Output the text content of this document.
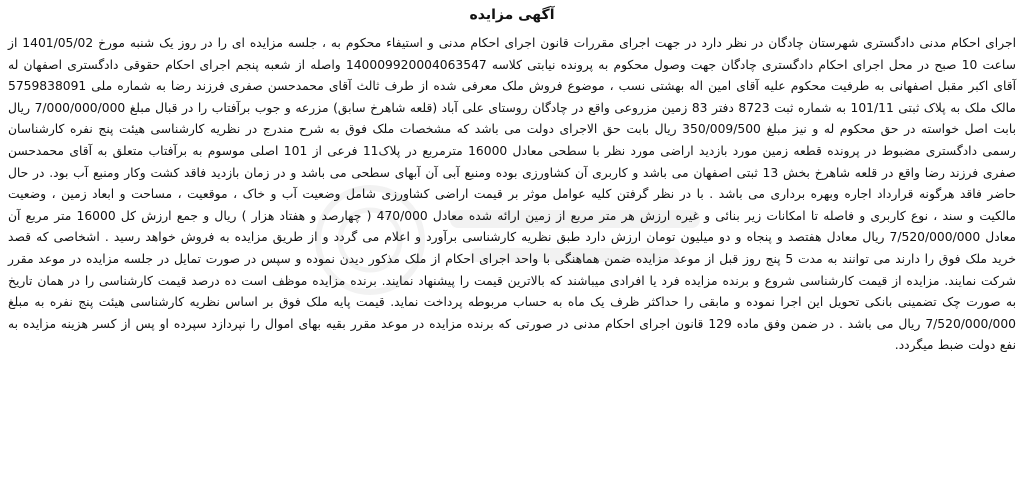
آگهی مزایده
اجرای احکام مدنی دادگستری شهرستان چادگان در نظر دارد در جهت اجرای مقررات قانون اجرای احکام مدنی و استیفاء محکوم به ، جلسه مزایده ای را در روز یک شنبه مورخ 1401/05/02 از ساعت 10 صبح در محل اجرای احکام دادگستری چادگان جهت وصول محکوم به پرونده نیابتی کلاسه 140009920004063547 واصله از شعبه پنجم اجرای احکام حقوقی دادگستری اصفهان له آقای اکبر مقبل اصفهانی به طرفیت محکوم علیه آقای امین اله بهشتی نسب ، موضوع فروش ملک معرفی شده از طرف ثالث آقای محمدحسن صفری فرزند رضا به شماره ملی 5759838091 مالک ملک به پلاک ثبتی 101/11 به شماره ثبت 8723 دفتر 83 زمین مزروعی واقع در چادگان روستای علی آباد (قلعه شاهرخ سابق) مزرعه و جوب برآفتاب را در قبال مبلغ 7/000/000/000 ریال بابت اصل خواسته در حق محکوم له و نیز مبلغ 350/009/500 ریال بابت حق الاجرای دولت می باشد که مشخصات ملک فوق به شرح مندرج در نظریه کارشناسی هیئت پنج نفره کارشناسان رسمی دادگستری مضبوط در پرونده قطعه زمین مورد بازدید اراضی مورد نظر با سطحی معادل 16000 مترمربع در پلاک11 فرعی از 101 اصلی موسوم به برآفتاب متعلق به آقای محمدحسن صفری فرزند رضا واقع در قلعه شاهرخ بخش 13 ثبتی اصفهان می باشد و کاربری آن کشاورزی بوده ومنبع آبی آن آبهای سطحی می باشد و در زمان بازدید فاقد کشت وکار ومنبع آب بود. در حال حاضر فاقد هرگونه قرارداد اجاره وبهره برداری می باشد . با در نظر گرفتن کلیه عوامل موثر بر قیمت اراضی کشاورزی شامل وضعیت آب و خاک ، موقعیت ، مساحت و ابعاد زمین ، وضعیت مالکیت و سند ، نوع کاربری و فاصله تا امکانات زیر بنائی و غیره ارزش هر متر مربع از زمین ارائه شده معادل 470/000 ( چهارصد و هفتاد هزار ) ریال و جمع ارزش کل 16000 متر مربع آن معادل 7/520/000/000 ریال معادل هفتصد و پنجاه و دو میلیون تومان ارزش دارد طبق نظریه کارشناسی برآورد و اعلام می گردد و از طریق مزایده به فروش خواهد رسید . اشخاصی که قصد خرید ملک فوق را دارند می توانند به مدت 5 پنج روز قبل از موعد مزایده ضمن هماهنگی با واحد اجرای احکام از ملک مذکور دیدن نموده و سپس در صورت تمایل در جلسه مزایده در موعد مقرر شرکت نمایند. مزایده از قیمت کارشناسی شروع و برنده مزایده فرد یا افرادی میباشند که بالاترین قیمت را پیشنهاد نمایند. برنده مزایده موظف است ده درصد قیمت کارشناسی را در همان تاریخ به صورت چک تضمینی بانکی تحویل این اجرا نموده و مابقی را حداکثر ظرف یک ماه به حساب مربوطه پرداخت نماید. قیمت پایه ملک فوق بر اساس نظریه کارشناسی هیئت پنج نفره به مبلغ 7/520/000/000 ریال می باشد . در ضمن وفق ماده 129 قانون اجرای احکام مدنی در صورتی که برنده مزایده در موعد مقرر بقیه بهای اموال را نپردازد سپرده او پس از کسر هزینه مزایده به نفع دولت ضبط میگردد.
